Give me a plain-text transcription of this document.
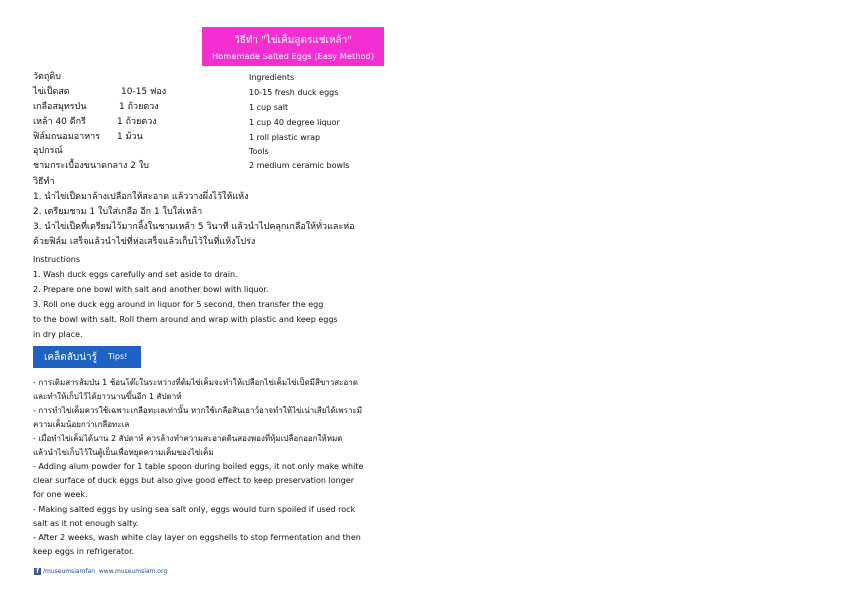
วิธีทำ "ไข่เค็มสูตรแช่เหล้า"
Homemade Salted Eggs (Easy Method)
วัตถุดิบ
ไข่เป็ดสด	10-15 ฟอง
เกลือสมุทรป่น	1 ถ้วยตวง
เหล้า 40 ดีกรี	1 ถ้วยตวง
ฟิล์มถนอมอาหาร 1 ม้วน
อุปกรณ์
ชามกระเบื้องขนาดกลาง 2 ใบ
Ingredients
10-15 fresh duck eggs
1 cup salt
1 cup 40 degree liquor
1 roll plastic wrap
Tools
2 medium ceramic bowls
วิธีทำ
1. นำไข่เป็ดมาล้างเปลือกให้สะอาด แล้ววางผึ่งไว้ให้แห้ง
2. เตรียมชาม 1 ใบใส่เกลือ อีก 1 ใบใส่เหล้า
3. นำไข่เป็ดที่เตรียมไว้มากลิ้งในชามเหล้า 5 วินาที แล้วนำไปคลุกเกลือให้ทั่วและห่อ
ด้วยฟิล์ม เสร็จแล้วนำไข่ที่ห่อเสร็จแล้วเก็บไว้ในที่แห้งโปร่ง
Instructions
1. Wash duck eggs carefully and set aside to drain.
2. Prepare one bowl with salt and another bowl with liquor.
3. Roll one duck egg around in liquor for 5 second, then transfer the egg
to the bowl with salt. Roll them around and wrap with plastic and keep eggs
in dry place.
เคล็ดลับน่ารู้ Tips!
- การเติมสารส้มป่น 1 ช้อนโต๊ะในระหว่างที่ต้มไข่เค็มจะทำให้เปลือกไข่เค็มไข่เป็ดมีสีขาวสะอาด
และทำให้เก็บไว้ได้ยาวนานขึ้นอีก 1 สัปดาห์
- การทำไข่เค็มควรใช้เฉพาะเกลือทะเลเท่านั้น หากใช้เกลือสินเธาว์อาจทำให้ไข่เน่าเสียได้เพราะมี
ความเค็มน้อยกว่าเกลือทะเล
- เมื่อทำไข่เค็มได้นาน 2 สัปดาห์ ควรล้างทำความสะอาดดินสองพองที่หุ้มเปลือกออกให้หมด
แล้วนำไข่เก็บไว้ในตู้เย็นเพื่อหยุดความเค็มของไข่เค็ม
- Adding alum powder for 1 table spoon during boiled eggs, it not only make white
clear surface of duck eggs but also give good effect to keep preservation longer
for one week.
- Making salted eggs by using sea salt only, eggs would turn spoiled if used rock
salt as it not enough salty.
- After 2 weeks, wash white clay layer on eggshells to stop fermentation and then
keep eggs in refrigerator.
f /museumsiamfan www.museumsiam.org
